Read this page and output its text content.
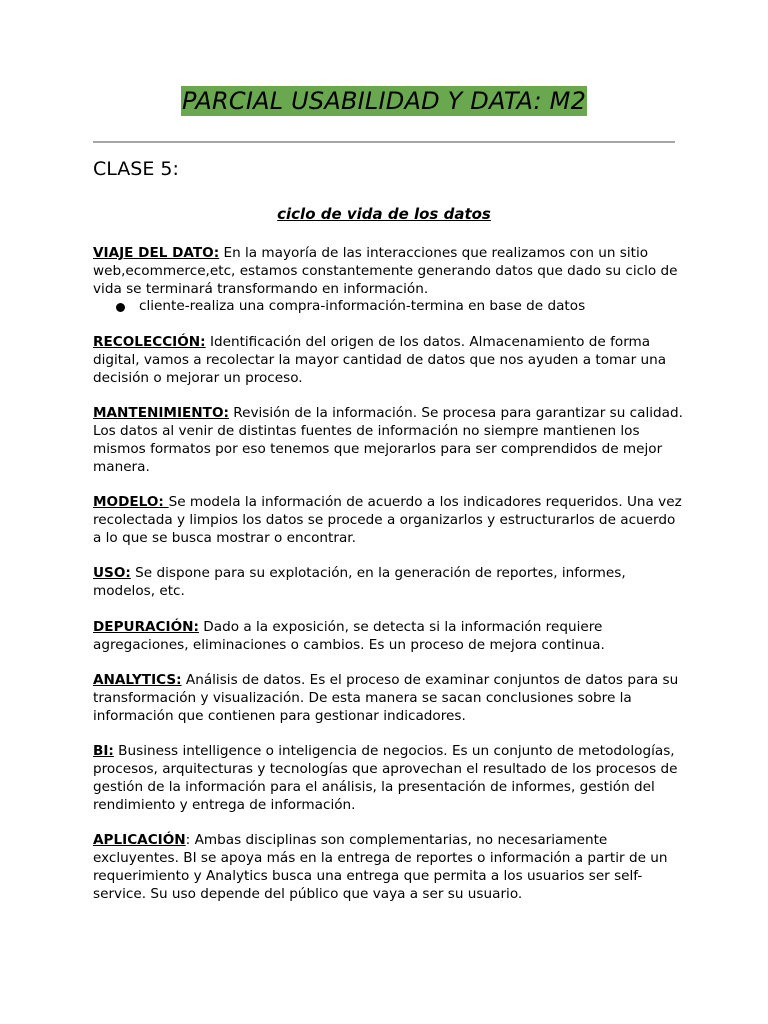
PARCIAL USABILIDAD Y DATA: M2
CLASE 5:
ciclo de vida de los datos

VIAJE DEL DATO: En la mayoría de las interacciones que realizamos con un sitio web,ecommerce,etc, estamos constantemente generando datos que dado su ciclo de vida se terminará transformando en información.

cliente-realiza una compra-información-termina en base de datos

RECOLECCIÓN: Identificación del origen de los datos. Almacenamiento de forma digital, vamos a recolectar la mayor cantidad de datos que nos ayuden a tomar una decisión o mejorar un proceso.

MANTENIMIENTO: Revisión de la información. Se procesa para garantizar su calidad. Los datos al venir de distintas fuentes de información no siempre mantienen los mismos formatos por eso tenemos que mejorarlos para ser comprendidos de mejor manera.

MODELO: Se modela la información de acuerdo a los indicadores requeridos. Una vez recolectada y limpios los datos se procede a organizarlos y estructurarlos de acuerdo a lo que se busca mostrar o encontrar.

USO: Se dispone para su explotación, en la generación de reportes, informes, modelos, etc.

DEPURACIÓN: Dado a la exposición, se detecta si la información requiere agregaciones, eliminaciones o cambios. Es un proceso de mejora continua.

ANALYTICS: Análisis de datos. Es el proceso de examinar conjuntos de datos para su transformación y visualización. De esta manera se sacan conclusiones sobre la información que contienen para gestionar indicadores.

BI: Business intelligence o inteligencia de negocios. Es un conjunto de metodologías, procesos, arquitecturas y tecnologías que aprovechan el resultado de los procesos de gestión de la información para el análisis, la presentación de informes, gestión del rendimiento y entrega de información.

APLICACIÓN: Ambas disciplinas son complementarias, no necesariamente excluyentes. BI se apoya más en la entrega de reportes o información a partir de un requerimiento y Analytics busca una entrega que permita a los usuarios ser self-service. Su uso depende del público que vaya a ser su usuario.
